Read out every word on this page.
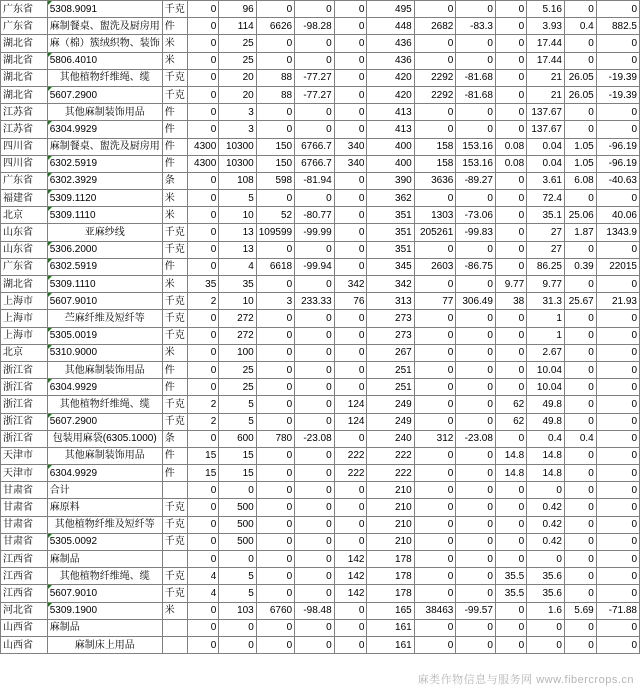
广东省	5308.9091	千克	0	96	0	0	0	495	0	0	0	5.16	0	0
广东省	麻制餐桌、盥洗及厨房用	件	0	114	6626	-98.28	0	448	2682	-83.3	0	3.93	0.4	882.5
湖北省	麻（棉）簇绒织物、装饰	米	0	25	0	0	0	436	0	0	0	17.44	0	0
湖北省	5806.4010	米	0	25	0	0	0	436	0	0	0	17.44	0	0
湖北省	其他植物纤维绳、缆	千克	0	20	88	-77.27	0	420	2292	-81.68	0	21	26.05	-19.39
湖北省	5607.2900	千克	0	20	88	-77.27	0	420	2292	-81.68	0	21	26.05	-19.39
江苏省	其他麻制装饰用品	件	0	3	0	0	0	413	0	0	0	137.67	0	0
江苏省	6304.9929	件	0	3	0	0	0	413	0	0	0	137.67	0	0
四川省	麻制餐桌、盥洗及厨房用	件	4300	10300	150	6766.7	340	400	158	153.16	0.08	0.04	1.05	-96.19
四川省	6302.5919	件	4300	10300	150	6766.7	340	400	158	153.16	0.08	0.04	1.05	-96.19
广东省	6302.3929	条	0	108	598	-81.94	0	390	3636	-89.27	0	3.61	6.08	-40.63
福建省	5309.1120	米	0	5	0	0	0	362	0	0	0	72.4	0	0
北京	5309.1110	米	0	10	52	-80.77	0	351	1303	-73.06	0	35.1	25.06	40.06
山东省	亚麻纱线	千克	0	13	109599	-99.99	0	351	205261	-99.83	0	27	1.87	1343.9
山东省	5306.2000	千克	0	13	0	0	0	351	0	0	0	27	0	0
广东省	6302.5919	件	0	4	6618	-99.94	0	345	2603	-86.75	0	86.25	0.39	22015
湖北省	5309.1110	米	35	35	0	0	342	342	0	0	9.77	9.77	0	0
上海市	5607.9010	千克	2	10	3	233.33	76	313	77	306.49	38	31.3	25.67	21.93
上海市	苎麻纤维及短纤等	千克	0	272	0	0	0	273	0	0	0	1	0	0
上海市	5305.0019	千克	0	272	0	0	0	273	0	0	0	1	0	0
北京	5310.9000	米	0	100	0	0	0	267	0	0	0	2.67	0	0
浙江省	其他麻制装饰用品	件	0	25	0	0	0	251	0	0	0	10.04	0	0
浙江省	6304.9929	件	0	25	0	0	0	251	0	0	0	10.04	0	0
浙江省	其他植物纤维绳、缆	千克	2	5	0	0	124	249	0	0	62	49.8	0	0
浙江省	5607.2900	千克	2	5	0	0	124	249	0	0	62	49.8	0	0
浙江省	包装用麻袋(6305.1000)	条	0	600	780	-23.08	0	240	312	-23.08	0	0.4	0.4	0
天津市	其他麻制装饰用品	件	15	15	0	0	222	222	0	0	14.8	14.8	0	0
天津市	6304.9929	件	15	15	0	0	222	222	0	0	14.8	14.8	0	0
甘肃省	合计		0	0	0	0	0	210	0	0	0	0	0	0
甘肃省	麻原料	千克	0	500	0	0	0	210	0	0	0	0.42	0	0
甘肃省	其他植物纤维及短纤等	千克	0	500	0	0	0	210	0	0	0	0.42	0	0
甘肃省	5305.0092	千克	0	500	0	0	0	210	0	0	0	0.42	0	0
江西省	麻制品		0	0	0	0	142	178	0	0	0	0	0	0
江西省	其他植物纤维绳、缆	千克	4	5	0	0	142	178	0	0	35.5	35.6	0	0
江西省	5607.9010	千克	4	5	0	0	142	178	0	0	35.5	35.6	0	0
河北省	5309.1900	米	0	103	6760	-98.48	0	165	38463	-99.57	0	1.6	5.69	-71.88
山西省	麻制品		0	0	0	0	0	161	0	0	0	0	0	0
山西省	麻制床上用品		0	0	0	0	0	161	0	0	0	0	0	0
麻类作物信息与服务网 www.fibercrops.cn
